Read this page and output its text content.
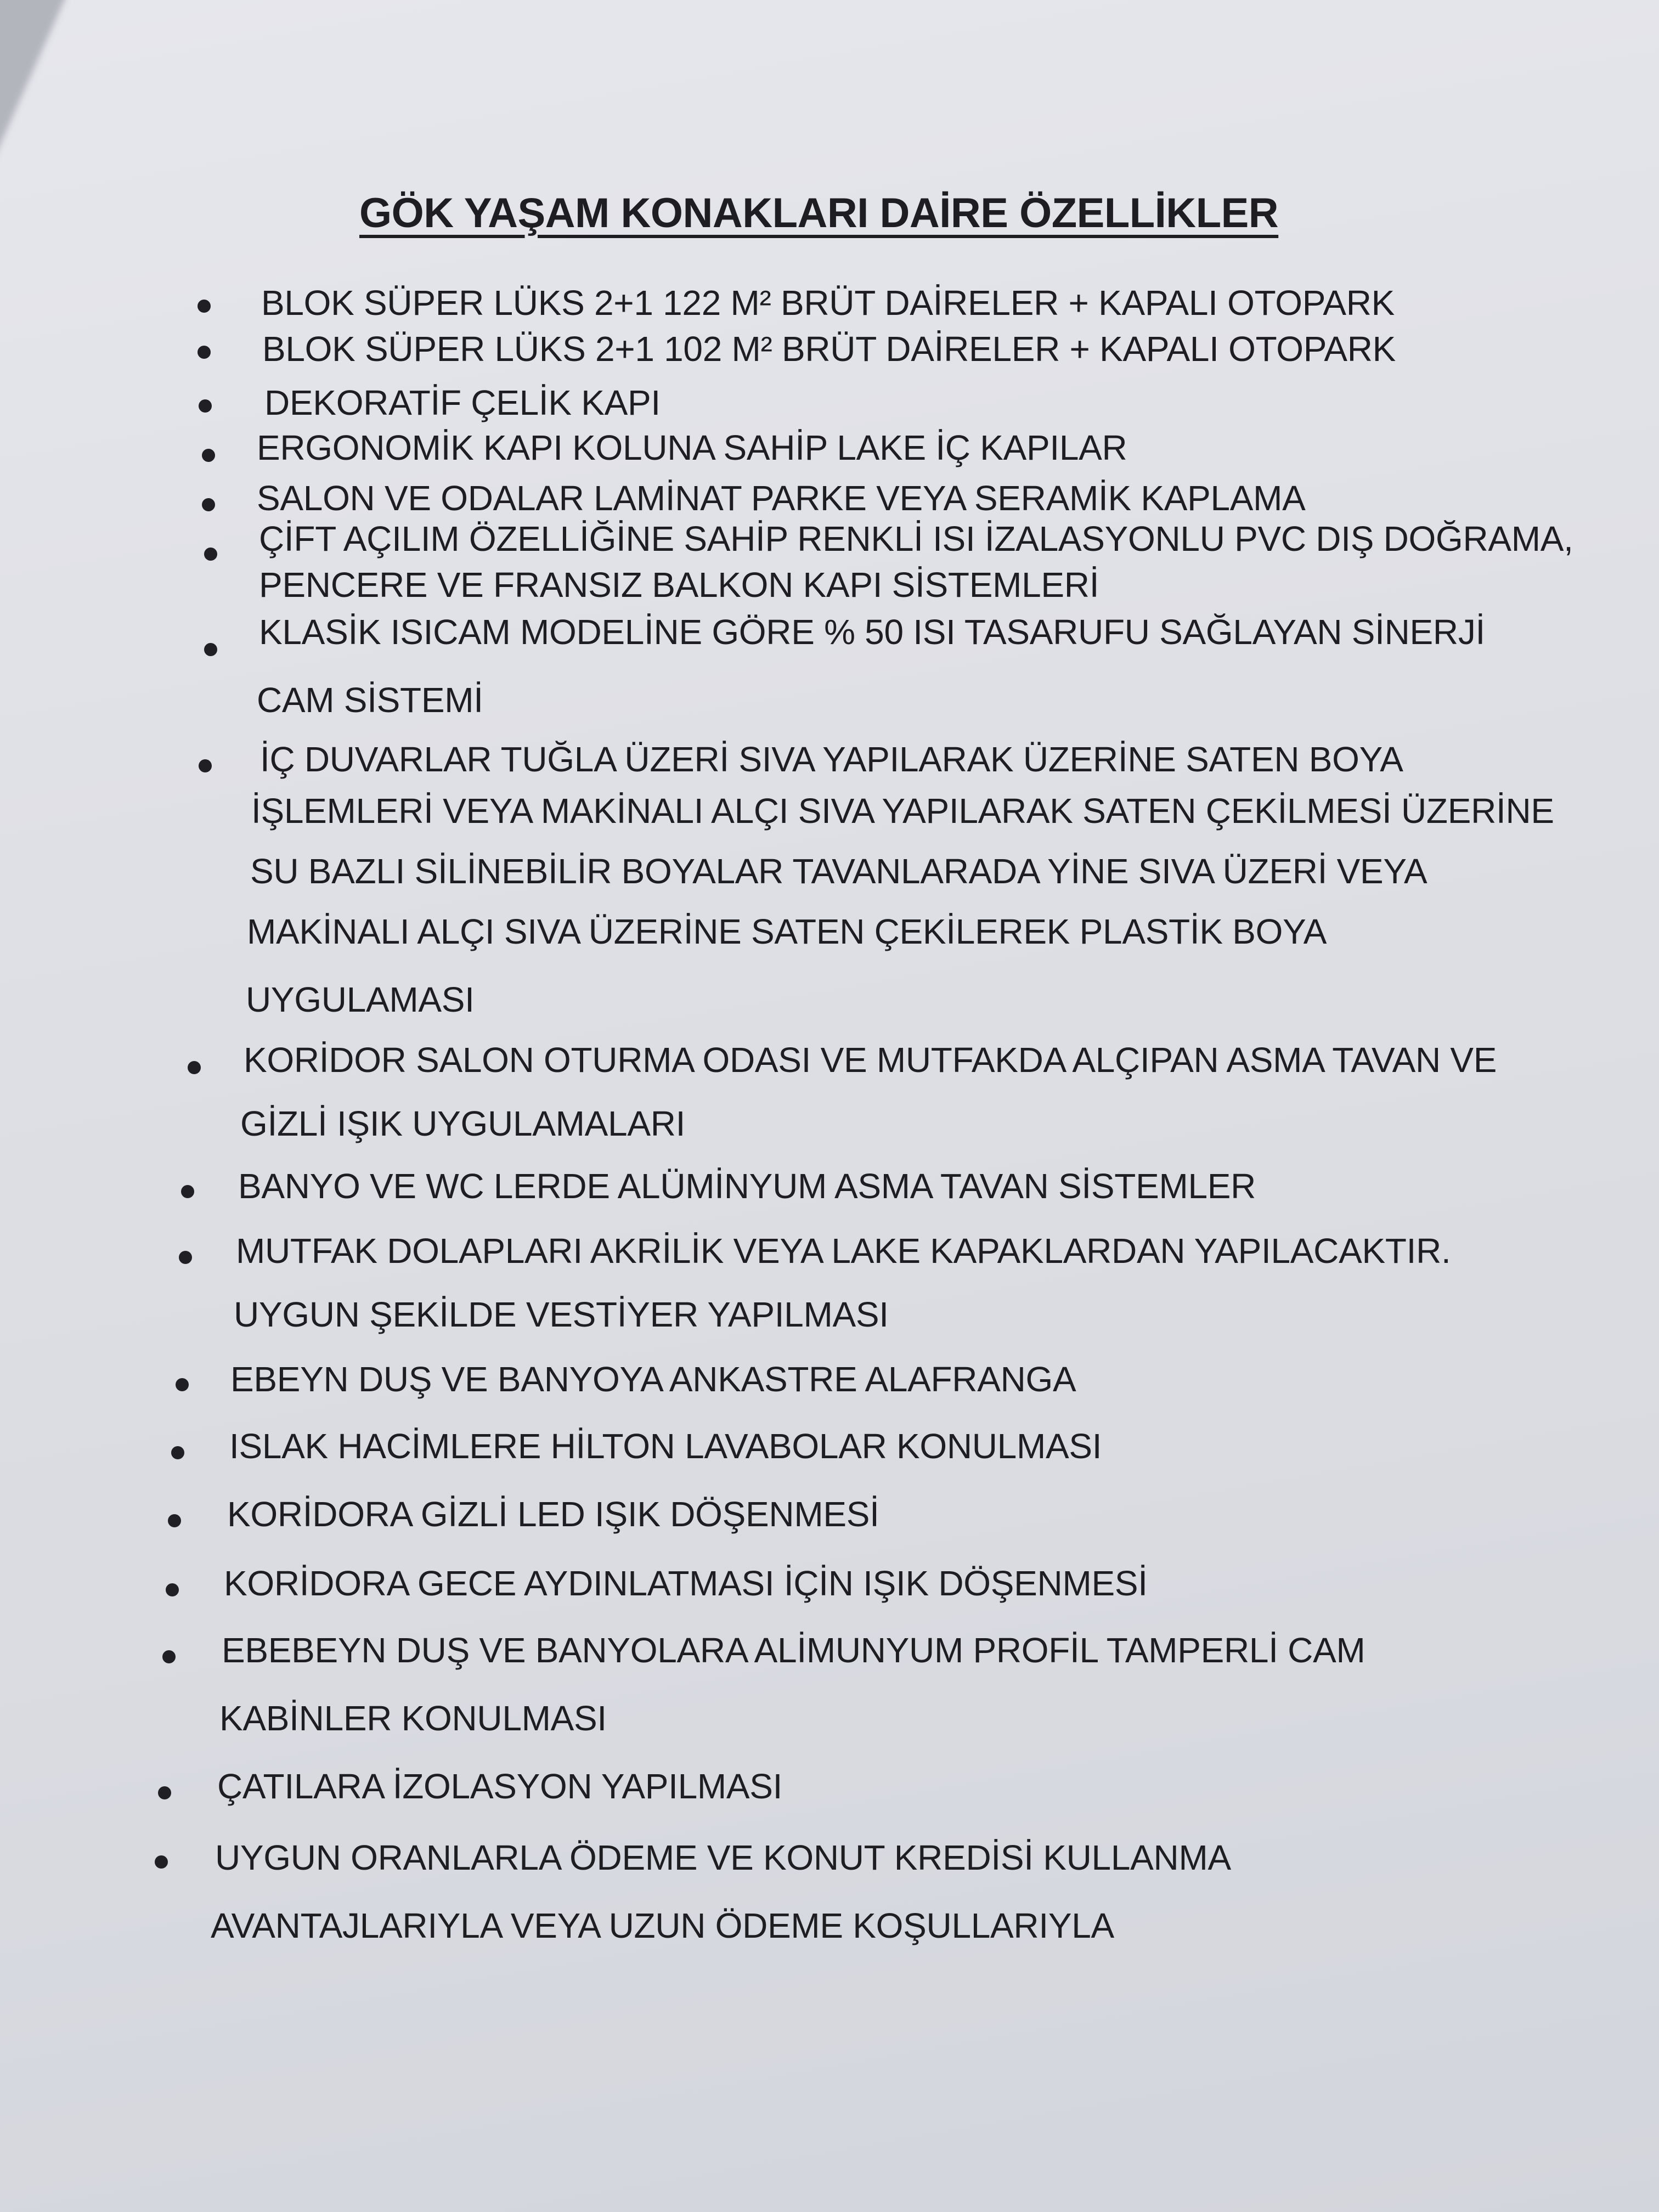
GÖK YAŞAM KONAKLARI DAİRE ÖZELLİKLER
BLOK SÜPER LÜKS 2+1 122 M² BRÜT DAİRELER + KAPALI OTOPARK
BLOK SÜPER LÜKS 2+1 102 M² BRÜT DAİRELER + KAPALI OTOPARK
DEKORATİF ÇELİK KAPI
ERGONOMİK KAPI KOLUNA SAHİP LAKE İÇ KAPILAR
SALON VE ODALAR LAMİNAT PARKE VEYA SERAMİK KAPLAMA
ÇİFT AÇILIM ÖZELLİĞİNE SAHİP RENKLİ ISI İZALASYONLU PVC DIŞ DOĞRAMA,
PENCERE VE FRANSIZ BALKON KAPI SİSTEMLERİ
KLASİK ISICAM MODELİNE GÖRE % 50 ISI TASARUFU SAĞLAYAN SİNERJİ
CAM SİSTEMİ
İÇ DUVARLAR TUĞLA ÜZERİ SIVA YAPILARAK ÜZERİNE SATEN BOYA
İŞLEMLERİ VEYA MAKİNALI ALÇI SIVA YAPILARAK SATEN ÇEKİLMESİ ÜZERİNE
SU BAZLI SİLİNEBİLİR BOYALAR TAVANLARADA YİNE SIVA ÜZERİ VEYA
MAKİNALI ALÇI SIVA ÜZERİNE SATEN ÇEKİLEREK PLASTİK BOYA
UYGULAMASI
KORİDOR SALON OTURMA ODASI VE MUTFAKDA ALÇIPAN ASMA TAVAN VE
GİZLİ IŞIK UYGULAMALARI
BANYO VE WC LERDE ALÜMİNYUM ASMA TAVAN SİSTEMLER
MUTFAK DOLAPLARI AKRİLİK VEYA LAKE KAPAKLARDAN YAPILACAKTIR.
UYGUN ŞEKİLDE VESTİYER YAPILMASI
EBEYN DUŞ VE BANYOYA ANKASTRE ALAFRANGA
ISLAK HACİMLERE HİLTON LAVABOLAR KONULMASI
KORİDORA GİZLİ LED IŞIK DÖŞENMESİ
KORİDORA GECE AYDINLATMASI İÇİN IŞIK DÖŞENMESİ
EBEBEYN DUŞ VE BANYOLARA ALİMUNYUM PROFİL TAMPERLİ CAM
KABİNLER KONULMASI
ÇATILARA İZOLASYON YAPILMASI
UYGUN ORANLARLA ÖDEME VE KONUT KREDİSİ KULLANMA
AVANTAJLARIYLA VEYA UZUN ÖDEME KOŞULLARIYLA
